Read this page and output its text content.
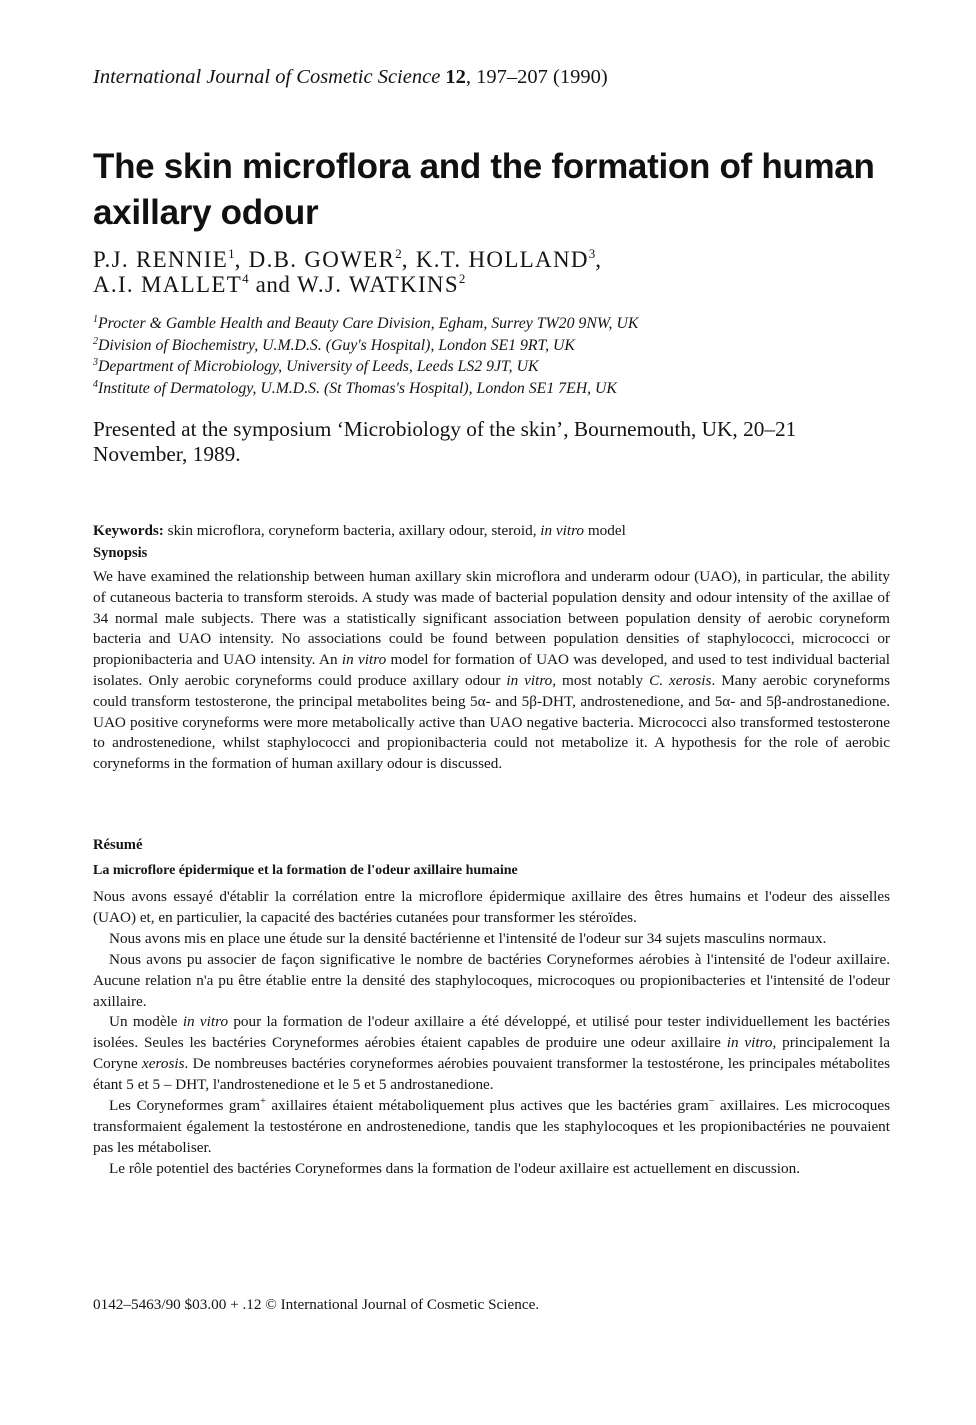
International Journal of Cosmetic Science 12, 197–207 (1990)
The skin microflora and the formation of human axillary odour
P.J. RENNIE$^1$, D.B. GOWER$^2$, K.T. HOLLAND$^3$,
A.I. MALLET$^4$ and W.J. WATKINS$^2$
$^1$Procter & Gamble Health and Beauty Care Division, Egham, Surrey TW20 9NW, UK
$^2$Division of Biochemistry, U.M.D.S. (Guy's Hospital), London SE1 9RT, UK
$^3$Department of Microbiology, University of Leeds, Leeds LS2 9JT, UK
$^4$Institute of Dermatology, U.M.D.S. (St Thomas's Hospital), London SE1 7EH, UK
Presented at the symposium ‘Microbiology of the skin’, Bournemouth, UK, 20–21 November, 1989.
Keywords: skin microflora, coryneform bacteria, axillary odour, steroid, in vitro model
Synopsis
We have examined the relationship between human axillary skin microflora and underarm odour (UAO), in particular, the ability of cutaneous bacteria to transform steroids. A study was made of bacterial population density and odour intensity of the axillae of 34 normal male subjects. There was a statistically significant association between population density of aerobic coryneform bacteria and UAO intensity. No associations could be found between population densities of staphylococci, micrococci or propionibacteria and UAO intensity. An in vitro model for formation of UAO was developed, and used to test individual bacterial isolates. Only aerobic coryneforms could produce axillary odour in vitro, most notably C. xerosis. Many aerobic coryneforms could transform testosterone, the principal metabolites being 5α- and 5β-DHT, androstenedione, and 5α- and 5β-androstanedione. UAO positive coryneforms were more metabolically active than UAO negative bacteria. Micrococci also transformed testosterone to androstenedione, whilst staphylococci and propionibacteria could not metabolize it. A hypothesis for the role of aerobic coryneforms in the formation of human axillary odour is discussed.
Résumé
La microflore épidermique et la formation de l'odeur axillaire humaine

Nous avons essayé d'établir la corrélation entre la microflore épidermique axillaire des êtres humains et l'odeur des aisselles (UAO) et, en particulier, la capacité des bactéries cutanées pour transformer les stéroïdes.

Nous avons mis en place une étude sur la densité bactérienne et l'intensité de l'odeur sur 34 sujets masculins normaux.

Nous avons pu associer de façon significative le nombre de bactéries Coryneformes aérobies à l'intensité de l'odeur axillaire. Aucune relation n'a pu être établie entre la densité des staphylocoques, microcoques ou propionibacteries et l'intensité de l'odeur axillaire.

Un modèle in vitro pour la formation de l'odeur axillaire a été développé, et utilisé pour tester individuellement les bactéries isolées. Seules les bactéries Coryneformes aérobies étaient capables de produire une odeur axillaire in vitro, principalement la Coryne xerosis. De nombreuses bactéries coryneformes aérobies pouvaient transformer la testostérone, les principales métabolites étant 5 et 5 – DHT, l'androstenedione et le 5 et 5 androstanedione.

Les Coryneformes gram+ axillaires étaient métaboliquement plus actives que les bactéries gram− axillaires. Les microcoques transformaient également la testostérone en androstenedione, tandis que les staphylocoques et les propionibactéries ne pouvaient pas les métaboliser.

Le rôle potentiel des bactéries Coryneformes dans la formation de l'odeur axillaire est actuellement en discussion.

0142–5463/90 $03.00 + .12 © International Journal of Cosmetic Science.
